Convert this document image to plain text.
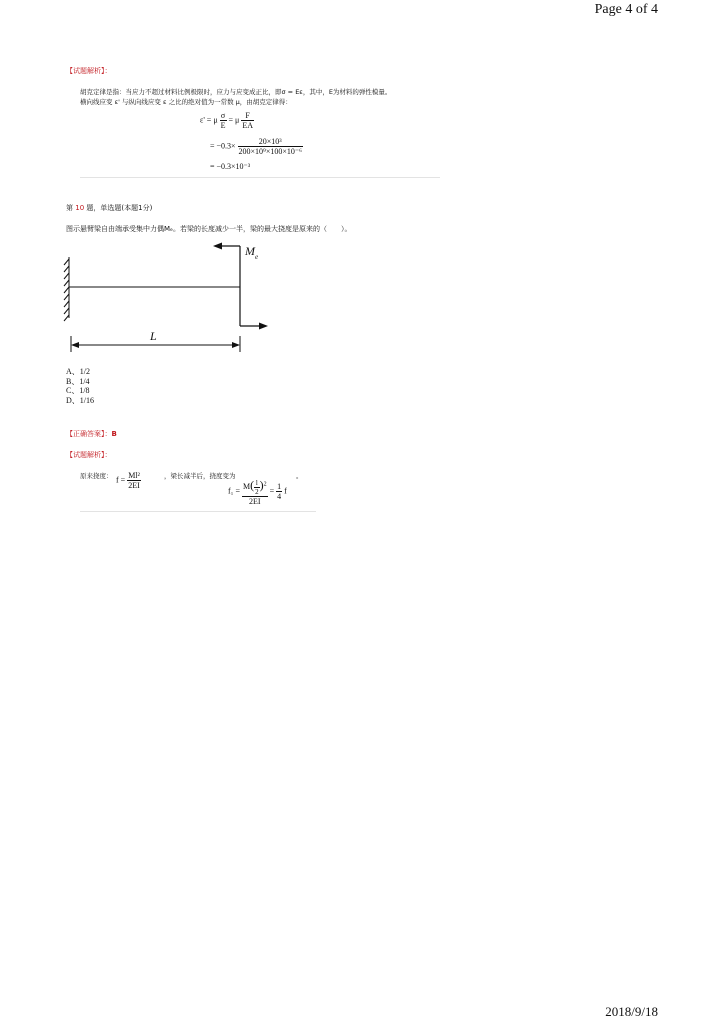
Page 4 of 4
【试题解析】：
胡克定律是指：当应力不超过材料比例极限时，应力与应变成正比，即σ = Eε，其中，E为材料的弹性模量。
横向线应变 ε' 与纵向线应变 ε 之比的绝对值为一常数 μ，由胡克定律得：
ε' = μ $\frac{\sigma}{E} = \mu \frac{F}{EA}$
= $-0.3\times \frac{\text{20×10³}}{\text{200×10⁹×100×10⁻⁶}}$
= −0.3×10⁻³
第 10 题，单选题(本题1分)
图示悬臂梁自由端承受集中力偶Mₑ。若梁的长度减少一半，梁的最大挠度是原来的（　　）。
$M_e$
L
A、1/2
B、1/4
C、1/8
D、1/16
【正确答案】：B
【试题解析】：
原来挠度： $f = \frac{\text{Ml²}}{2EI}$	，梁长减半后，挠度变为	。
$f_1 = \frac{M( \frac{l}{2} )^2}{2EI} = \frac{1}{4}$ f
2018/9/18
